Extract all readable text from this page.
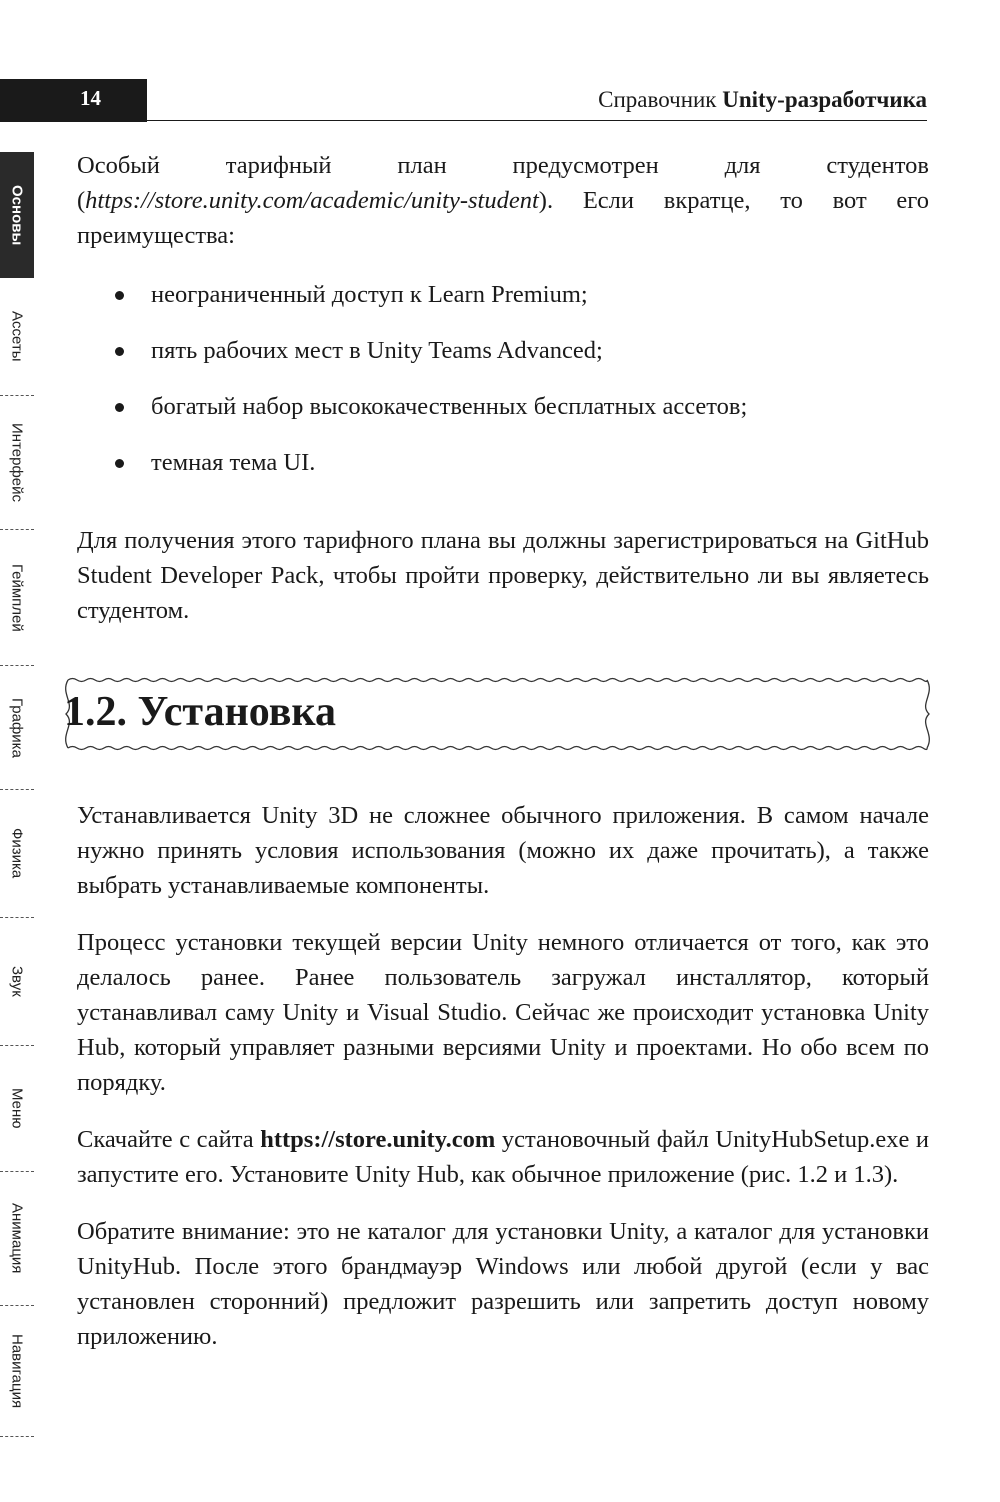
14	Справочник Unity-разработчика
Основы
Ассеты
Интерфейс
Геймплей
Графика
Физика
Звук
Меню
Анимация
Навигация

Особый тарифный план предусмотрен для студентов (https://store.unity.com/academic/unity-student). Если вкратце, то вот его преимущества:

неограниченный доступ к Learn Premium;
пять рабочих мест в Unity Teams Advanced;
богатый набор высококачественных бесплатных ассетов;
темная тема UI.

Для получения этого тарифного плана вы должны зарегистрироваться на GitHub Student Developer Pack, чтобы пройти проверку, действительно ли вы являетесь студентом.

1.2. Установка

Устанавливается Unity 3D не сложнее обычного приложения. В самом начале нужно принять условия использования (можно их даже прочитать), а также выбрать устанавливаемые компоненты.

Процесс установки текущей версии Unity немного отличается от того, как это делалось ранее. Ранее пользователь загружал инсталлятор, который устанавливал саму Unity и Visual Studio. Сейчас же происходит установка Unity Hub, который управляет разными версиями Unity и проектами. Но обо всем по порядку.

Скачайте с сайта https://store.unity.com установочный файл UnityHubSetup.exe и запустите его. Установите Unity Hub, как обычное приложение (рис. 1.2 и 1.3).

Обратите внимание: это не каталог для установки Unity, а каталог для установки UnityHub. После этого брандмауэр Windows или любой другой (если у вас установлен сторонний) предложит разрешить или запретить доступ новому приложению.
